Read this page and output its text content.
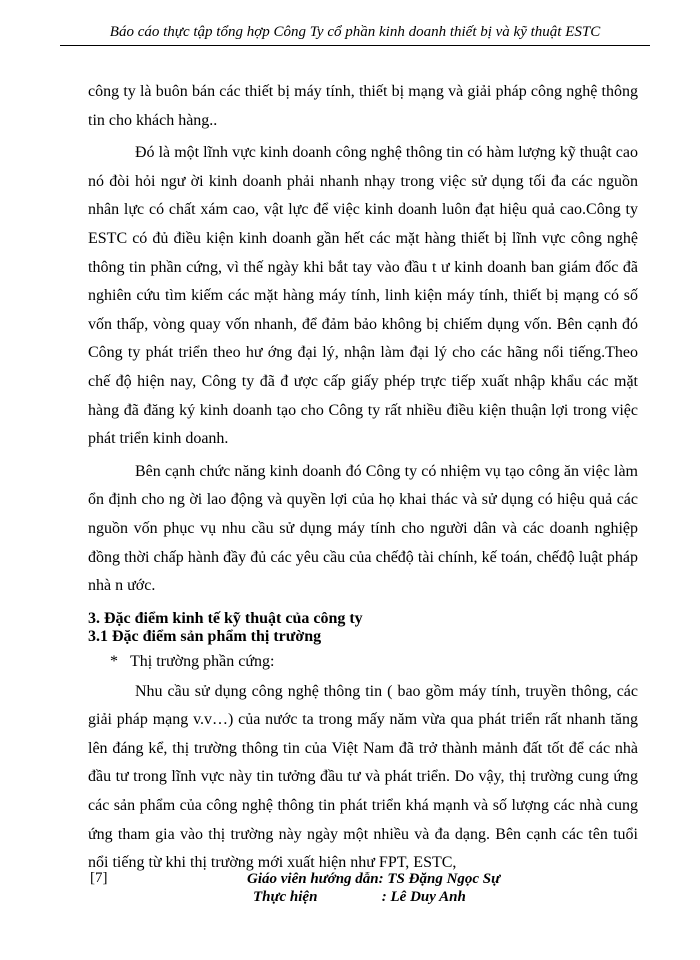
Báo cáo thực tập tổng hợp Công Ty cổ phần kinh doanh thiết bị và kỹ thuật ESTC

công ty là buôn bán các thiết bị máy tính, thiết bị mạng và giải pháp công nghệ thông tin cho khách hàng..

Đó là một lĩnh vực kinh doanh công nghệ thông tin có hàm lượng kỹ thuật cao nó đòi hỏi ngư ời kinh doanh phải nhanh nhạy trong việc sử dụng tối đa các nguồn nhân lực có chất xám cao, vật lực để việc kinh doanh luôn đạt hiệu quả cao.Công ty ESTC có đủ điều kiện kinh doanh gần hết các mặt hàng thiết bị lĩnh vực công nghệ thông tin phần cứng, vì thế ngày khi bắt tay vào đầu t ư kinh doanh ban giám đốc đã nghiên cứu tìm kiếm các mặt hàng máy tính, linh kiện máy tính, thiết bị mạng có số vốn thấp, vòng quay vốn nhanh, để đảm bảo không bị chiếm dụng vốn. Bên cạnh đó Công ty phát triển theo hư ớng đại lý, nhận làm đại lý cho các hãng nổi tiếng.Theo chế độ hiện nay, Công ty đã đ ược cấp giấy phép trực tiếp xuất nhập khẩu các mặt hàng đã đăng ký kinh doanh tạo cho Công ty rất nhiều điều kiện thuận lợi trong việc phát triển kinh doanh.

Bên cạnh chức năng kinh doanh đó Công ty có nhiệm vụ tạo công ăn việc làm ổn định cho ng ời lao động và quyền lợi của họ khai thác và sử dụng có hiệu quả các nguồn vốn phục vụ nhu cầu sử dụng máy tính cho người dân và các doanh nghiệp đồng thời chấp hành đầy đủ các yêu cầu của chếđộ tài chính, kế toán, chếđộ luật pháp nhà n ước.

3. Đặc điểm kinh tế kỹ thuật của công ty
3.1 Đặc điểm sản phẩm thị trường
* Thị trường phần cứng:

Nhu cầu sử dụng công nghệ thông tin ( bao gồm máy tính, truyền thông, các giải pháp mạng v.v…) của nước ta trong mấy năm vừa qua phát triển rất nhanh tăng lên đáng kể, thị trường thông tin của Việt Nam đã trở thành mảnh đất tốt để các nhà đầu tư trong lĩnh vực này tin tưởng đầu tư và phát triển. Do vậy, thị trường cung ứng các sản phẩm của công nghệ thông tin phát triển khá mạnh và số lượng các nhà cung ứng tham gia vào thị trường này ngày một nhiều và đa dạng. Bên cạnh các tên tuổi nổi tiếng từ khi thị trường mới xuất hiện như FPT, ESTC,

[7]	Giáo viên hướng dẫn: TS Đặng Ngọc Sự
Thực hiện	: Lê Duy Anh
